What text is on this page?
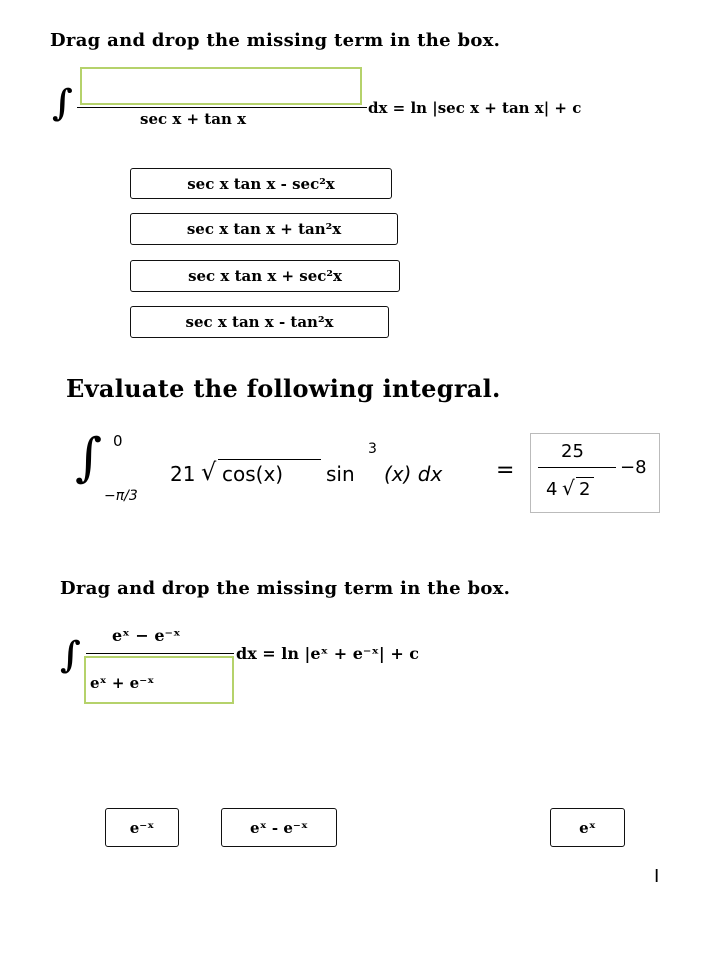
Drag and drop the missing term in the box.
∫	sec x + tan x
dx = ln |sec x + tan x| + c
sec x tan x - sec²x
sec x tan x + tan²x
sec x tan x + sec²x
sec x tan x - tan²x
Evaluate the following integral.
∫ 0
−π/3
21 √ cos(x) sin
3
(x) dx =
25
4 √ 2
−8
Drag and drop the missing term in the box.
∫ eˣ − e⁻ˣ
dx = ln |eˣ + e⁻ˣ| + c
eˣ + e⁻ˣ
e⁻ˣ	eˣ - e⁻ˣ	eˣ
I
